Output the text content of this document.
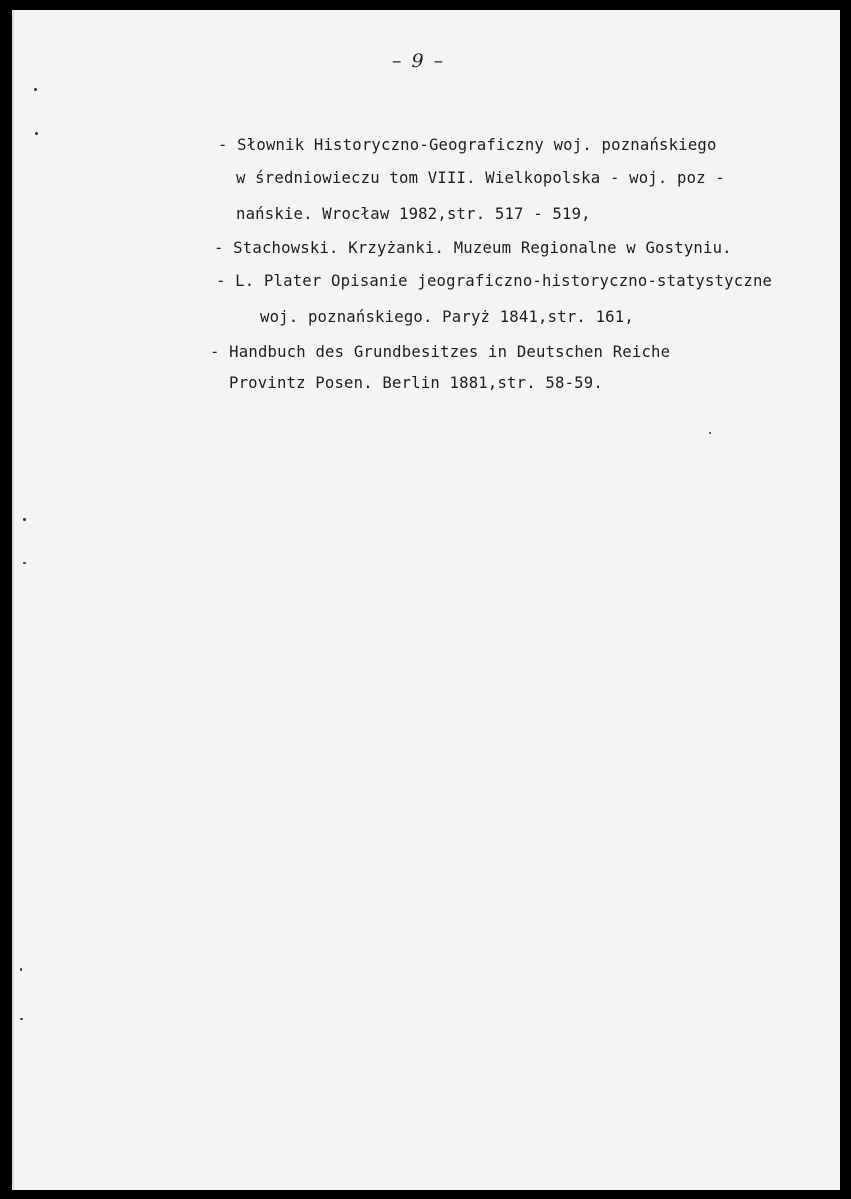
– 9 –
- Słownik Historyczno-Geograficzny woj. poznańskiego
w średniowieczu tom VIII. Wielkopolska - woj. poz -
nańskie. Wrocław 1982,str. 517 - 519,
- Stachowski. Krzyżanki. Muzeum Regionalne w Gostyniu.
- L. Plater Opisanie jeograficzno-historyczno-statystyczne
woj. poznańskiego. Paryż 1841,str. 161,
- Handbuch des Grundbesitzes in Deutschen Reiche
Provintz Posen. Berlin 1881,str. 58-59.
